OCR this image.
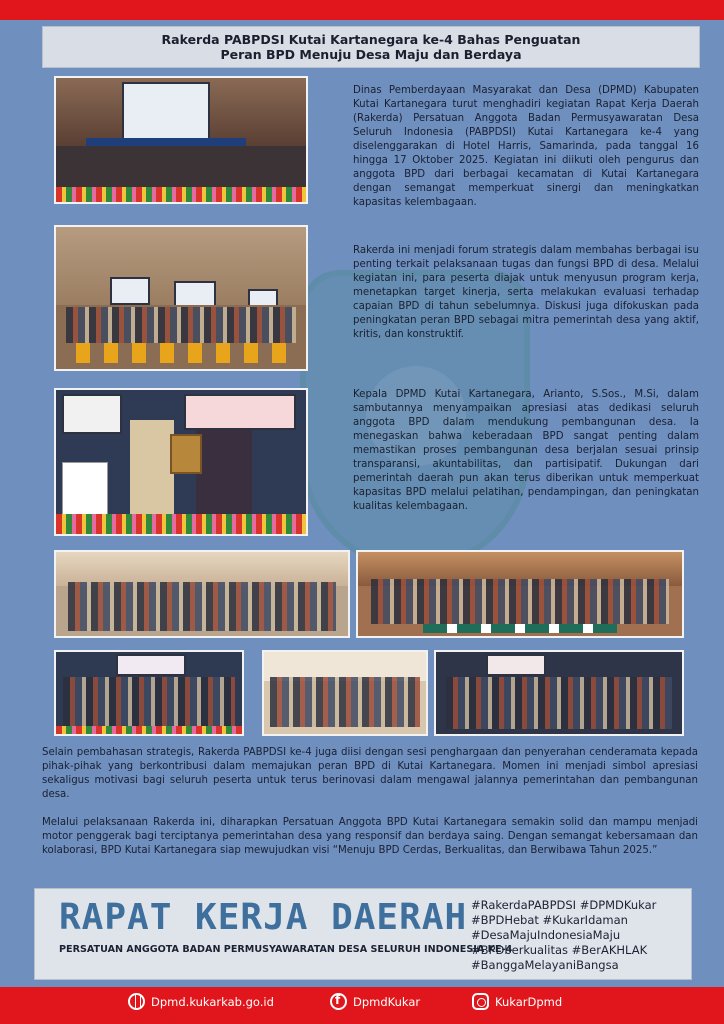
Rakerda PABPDSI Kutai Kartanegara ke-4 Bahas Penguatan
Peran BPD Menuju Desa Maju dan Berdaya

Dinas Pemberdayaan Masyarakat dan Desa (DPMD) Kabupaten Kutai Kartanegara turut menghadiri kegiatan Rapat Kerja Daerah (Rakerda) Persatuan Anggota Badan Permusyawaratan Desa Seluruh Indonesia (PABPDSI) Kutai Kartanegara ke-4 yang diselenggarakan di Hotel Harris, Samarinda, pada tanggal 16 hingga 17 Oktober 2025. Kegiatan ini diikuti oleh pengurus dan anggota BPD dari berbagai kecamatan di Kutai Kartanegara dengan semangat memperkuat sinergi dan meningkatkan kapasitas kelembagaan.

Rakerda ini menjadi forum strategis dalam membahas berbagai isu penting terkait pelaksanaan tugas dan fungsi BPD di desa. Melalui kegiatan ini, para peserta diajak untuk menyusun program kerja, menetapkan target kinerja, serta melakukan evaluasi terhadap capaian BPD di tahun sebelumnya. Diskusi juga difokuskan pada peningkatan peran BPD sebagai mitra pemerintah desa yang aktif, kritis, dan konstruktif.

Kepala DPMD Kutai Kartanegara, Arianto, S.Sos., M.Si, dalam sambutannya menyampaikan apresiasi atas dedikasi seluruh anggota BPD dalam mendukung pembangunan desa. Ia menegaskan bahwa keberadaan BPD sangat penting dalam memastikan proses pembangunan desa berjalan sesuai prinsip transparansi, akuntabilitas, dan partisipatif. Dukungan dari pemerintah daerah pun akan terus diberikan untuk memperkuat kapasitas BPD melalui pelatihan, pendampingan, dan peningkatan kualitas kelembagaan.

Selain pembahasan strategis, Rakerda PABPDSI ke-4 juga diisi dengan sesi penghargaan dan penyerahan cenderamata kepada pihak-pihak yang berkontribusi dalam memajukan peran BPD di Kutai Kartanegara. Momen ini menjadi simbol apresiasi sekaligus motivasi bagi seluruh peserta untuk terus berinovasi dalam mengawal jalannya pemerintahan dan pembangunan desa.

Melalui pelaksanaan Rakerda ini, diharapkan Persatuan Anggota BPD Kutai Kartanegara semakin solid dan mampu menjadi motor penggerak bagi terciptanya pemerintahan desa yang responsif dan berdaya saing. Dengan semangat kebersamaan dan kolaborasi, BPD Kutai Kartanegara siap mewujudkan visi “Menuju BPD Cerdas, Berkualitas, dan Berwibawa Tahun 2025.”

RAPAT KERJA DAERAH
PERSATUAN ANGGOTA BADAN PERMUSYAWARATAN DESA SELURUH INDONESIA KE-4
#RakerdaPABPDSI #DPMDKukar
#BPDHebat #KukarIdaman
#DesaMajuIndonesiaMaju
#BPDberkualitas #BerAKHLAK
#BanggaMelayaniBangsa
Dpmd.kukarkab.go.id
f	DpmdKukar	KukarDpmd
